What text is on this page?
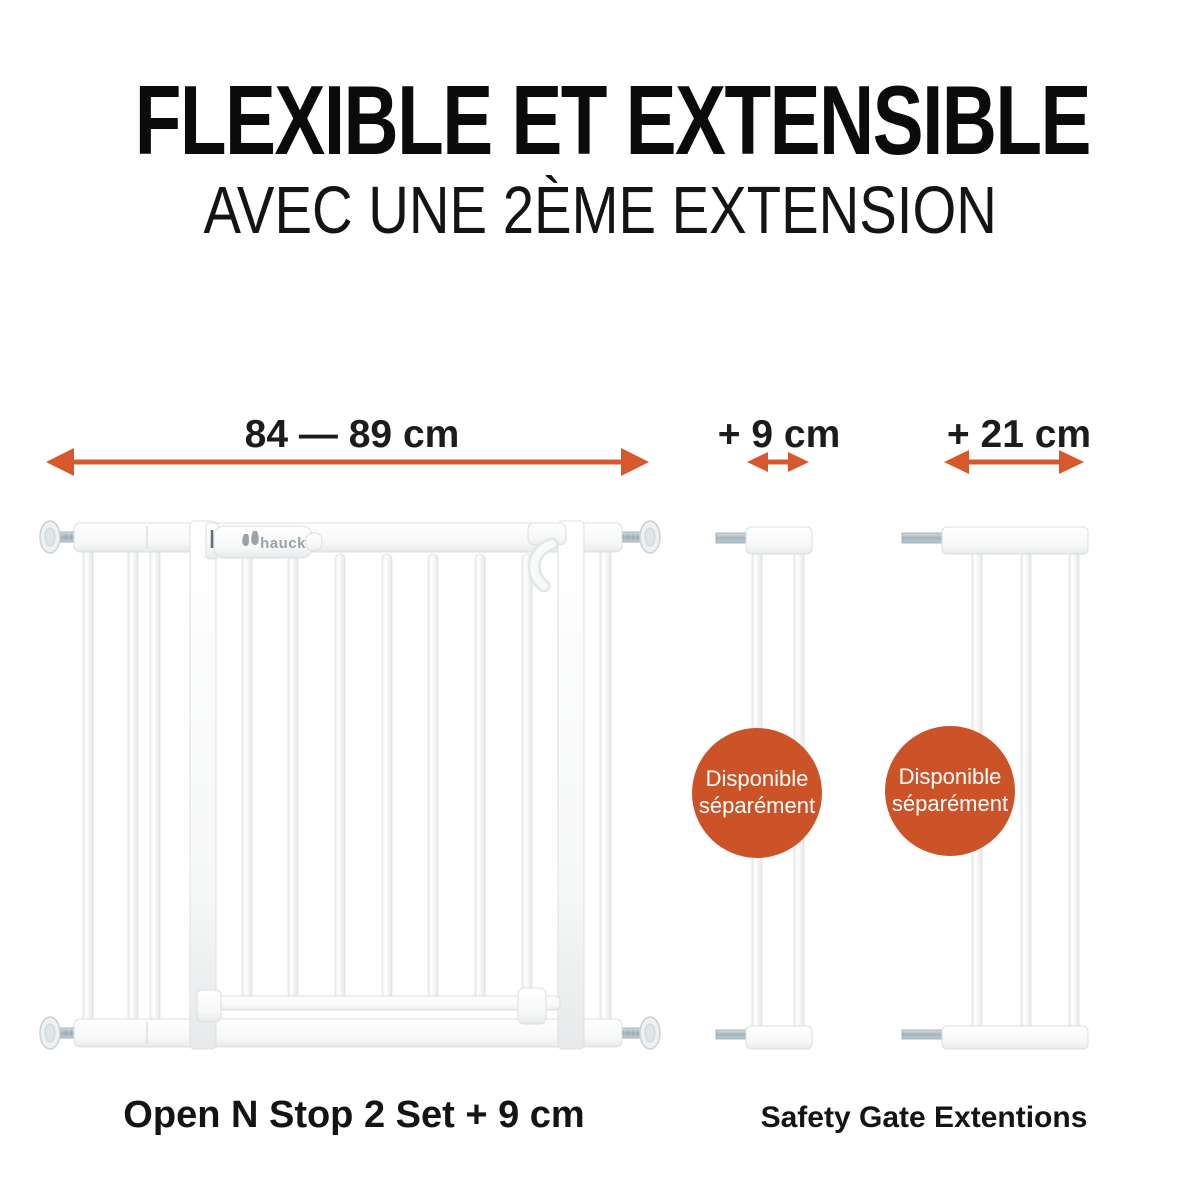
FLEXIBLE ET EXTENSIBLE
AVEC UNE 2ÈME EXTENSION
84 — 89 cm	+ 9 cm	+ 21 cm
hauck
Disponible
séparément
Disponible
séparément
Open N Stop 2 Set + 9 cm	Safety Gate Extentions
